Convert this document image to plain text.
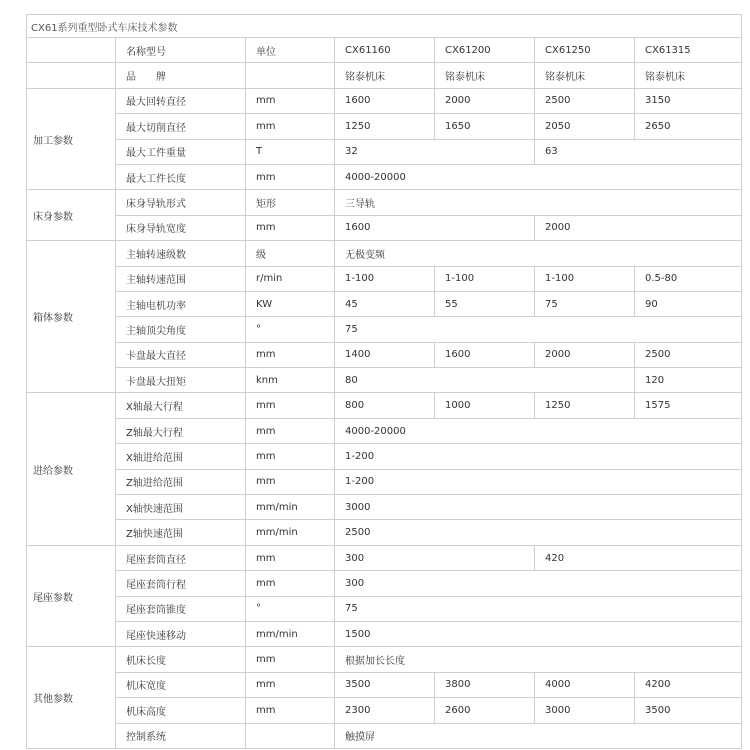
CX61系列重型卧式车床技术参数						
	名称型号	单位	CX61160	CX61200	CX61250	CX61315
	品　　牌		铭泰机床	铭泰机床	铭泰机床	铭泰机床
加工参数	最大回转直径	mm	1600	2000	2500	3150
	最大切削直径	mm	1250	1650	2050	2650
	最大工件重量	T	32		63	
	最大工件长度	mm	4000-20000			
床身参数	床身导轨形式	矩形	三导轨			
	床身导轨宽度	mm	1600		2000	
箱体参数	主轴转速级数	级	无极变频			
	主轴转速范围	r/min	1-100	1-100	1-100	0.5-80
	主轴电机功率	KW	45	55	75	90
	主轴顶尖角度	°	75			
	卡盘最大直径	mm	1400	1600	2000	2500
	卡盘最大扭矩	knm	80			120
进给参数	X轴最大行程	mm	800	1000	1250	1575
	Z轴最大行程	mm	4000-20000			
	X轴进给范围	mm	1-200			
	Z轴进给范围	mm	1-200			
	X轴快速范围	mm/min	3000			
	Z轴快速范围	mm/min	2500			
尾座参数	尾座套筒直径	mm	300		420	
	尾座套筒行程	mm	300			
	尾座套筒锥度	°	75			
	尾座快速移动	mm/min	1500			
其他参数	机床长度	mm	根据加长长度			
	机床宽度	mm	3500	3800	4000	4200
	机床高度	mm	2300	2600	3000	3500
	控制系统		触摸屏			
